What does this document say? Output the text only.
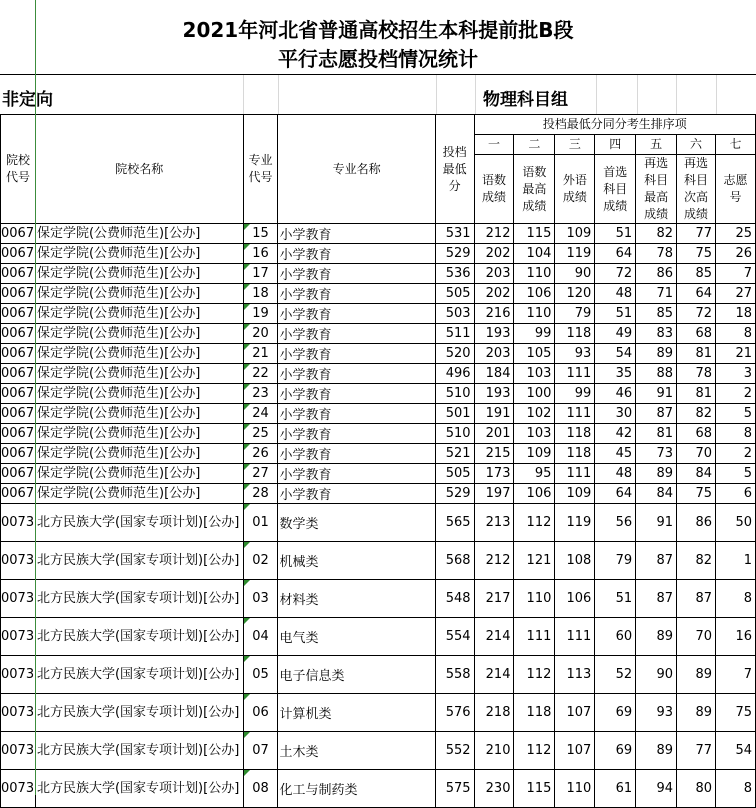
2021年河北省普通高校招生本科提前批B段
平行志愿投档情况统计
非定向	物理科目组
院校代号	院校名称	专业代号	专业名称	投档最低分	投档最低分同分考生排序项						
					一	二	三	四	五	六	七

					语数成绩	语数最高成绩	外语成绩	首选科目成绩	再选科目最高成绩	再选科目次高成绩	志愿号

0067	保定学院(公费师范生)[公办]	15	小学教育	531	212	115	109	51	82	77	25
0067	保定学院(公费师范生)[公办]	16	小学教育	529	202	104	119	64	78	75	26
0067	保定学院(公费师范生)[公办]	17	小学教育	536	203	110	90	72	86	85	7
0067	保定学院(公费师范生)[公办]	18	小学教育	505	202	106	120	48	71	64	27
0067	保定学院(公费师范生)[公办]	19	小学教育	503	216	110	79	51	85	72	18
0067	保定学院(公费师范生)[公办]	20	小学教育	511	193	99	118	49	83	68	8
0067	保定学院(公费师范生)[公办]	21	小学教育	520	203	105	93	54	89	81	21
0067	保定学院(公费师范生)[公办]	22	小学教育	496	184	103	111	35	88	78	3
0067	保定学院(公费师范生)[公办]	23	小学教育	510	193	100	99	46	91	81	2
0067	保定学院(公费师范生)[公办]	24	小学教育	501	191	102	111	30	87	82	5
0067	保定学院(公费师范生)[公办]	25	小学教育	510	201	103	118	42	81	68	8
0067	保定学院(公费师范生)[公办]	26	小学教育	521	215	109	118	45	73	70	2
0067	保定学院(公费师范生)[公办]	27	小学教育	505	173	95	111	48	89	84	5
0067	保定学院(公费师范生)[公办]	28	小学教育	529	197	106	109	64	84	75	6
0073	北方民族大学(国家专项计划)[公办]	01	数学类	565	213	112	119	56	91	86	50
0073	北方民族大学(国家专项计划)[公办]	02	机械类	568	212	121	108	79	87	82	1
0073	北方民族大学(国家专项计划)[公办]	03	材料类	548	217	110	106	51	87	87	8
0073	北方民族大学(国家专项计划)[公办]	04	电气类	554	214	111	111	60	89	70	16
0073	北方民族大学(国家专项计划)[公办]	05	电子信息类	558	214	112	113	52	90	89	7
0073	北方民族大学(国家专项计划)[公办]	06	计算机类	576	218	118	107	69	93	89	75
0073	北方民族大学(国家专项计划)[公办]	07	土木类	552	210	112	107	69	89	77	54
0073	北方民族大学(国家专项计划)[公办]	08	化工与制药类	575	230	115	110	61	94	80	8
